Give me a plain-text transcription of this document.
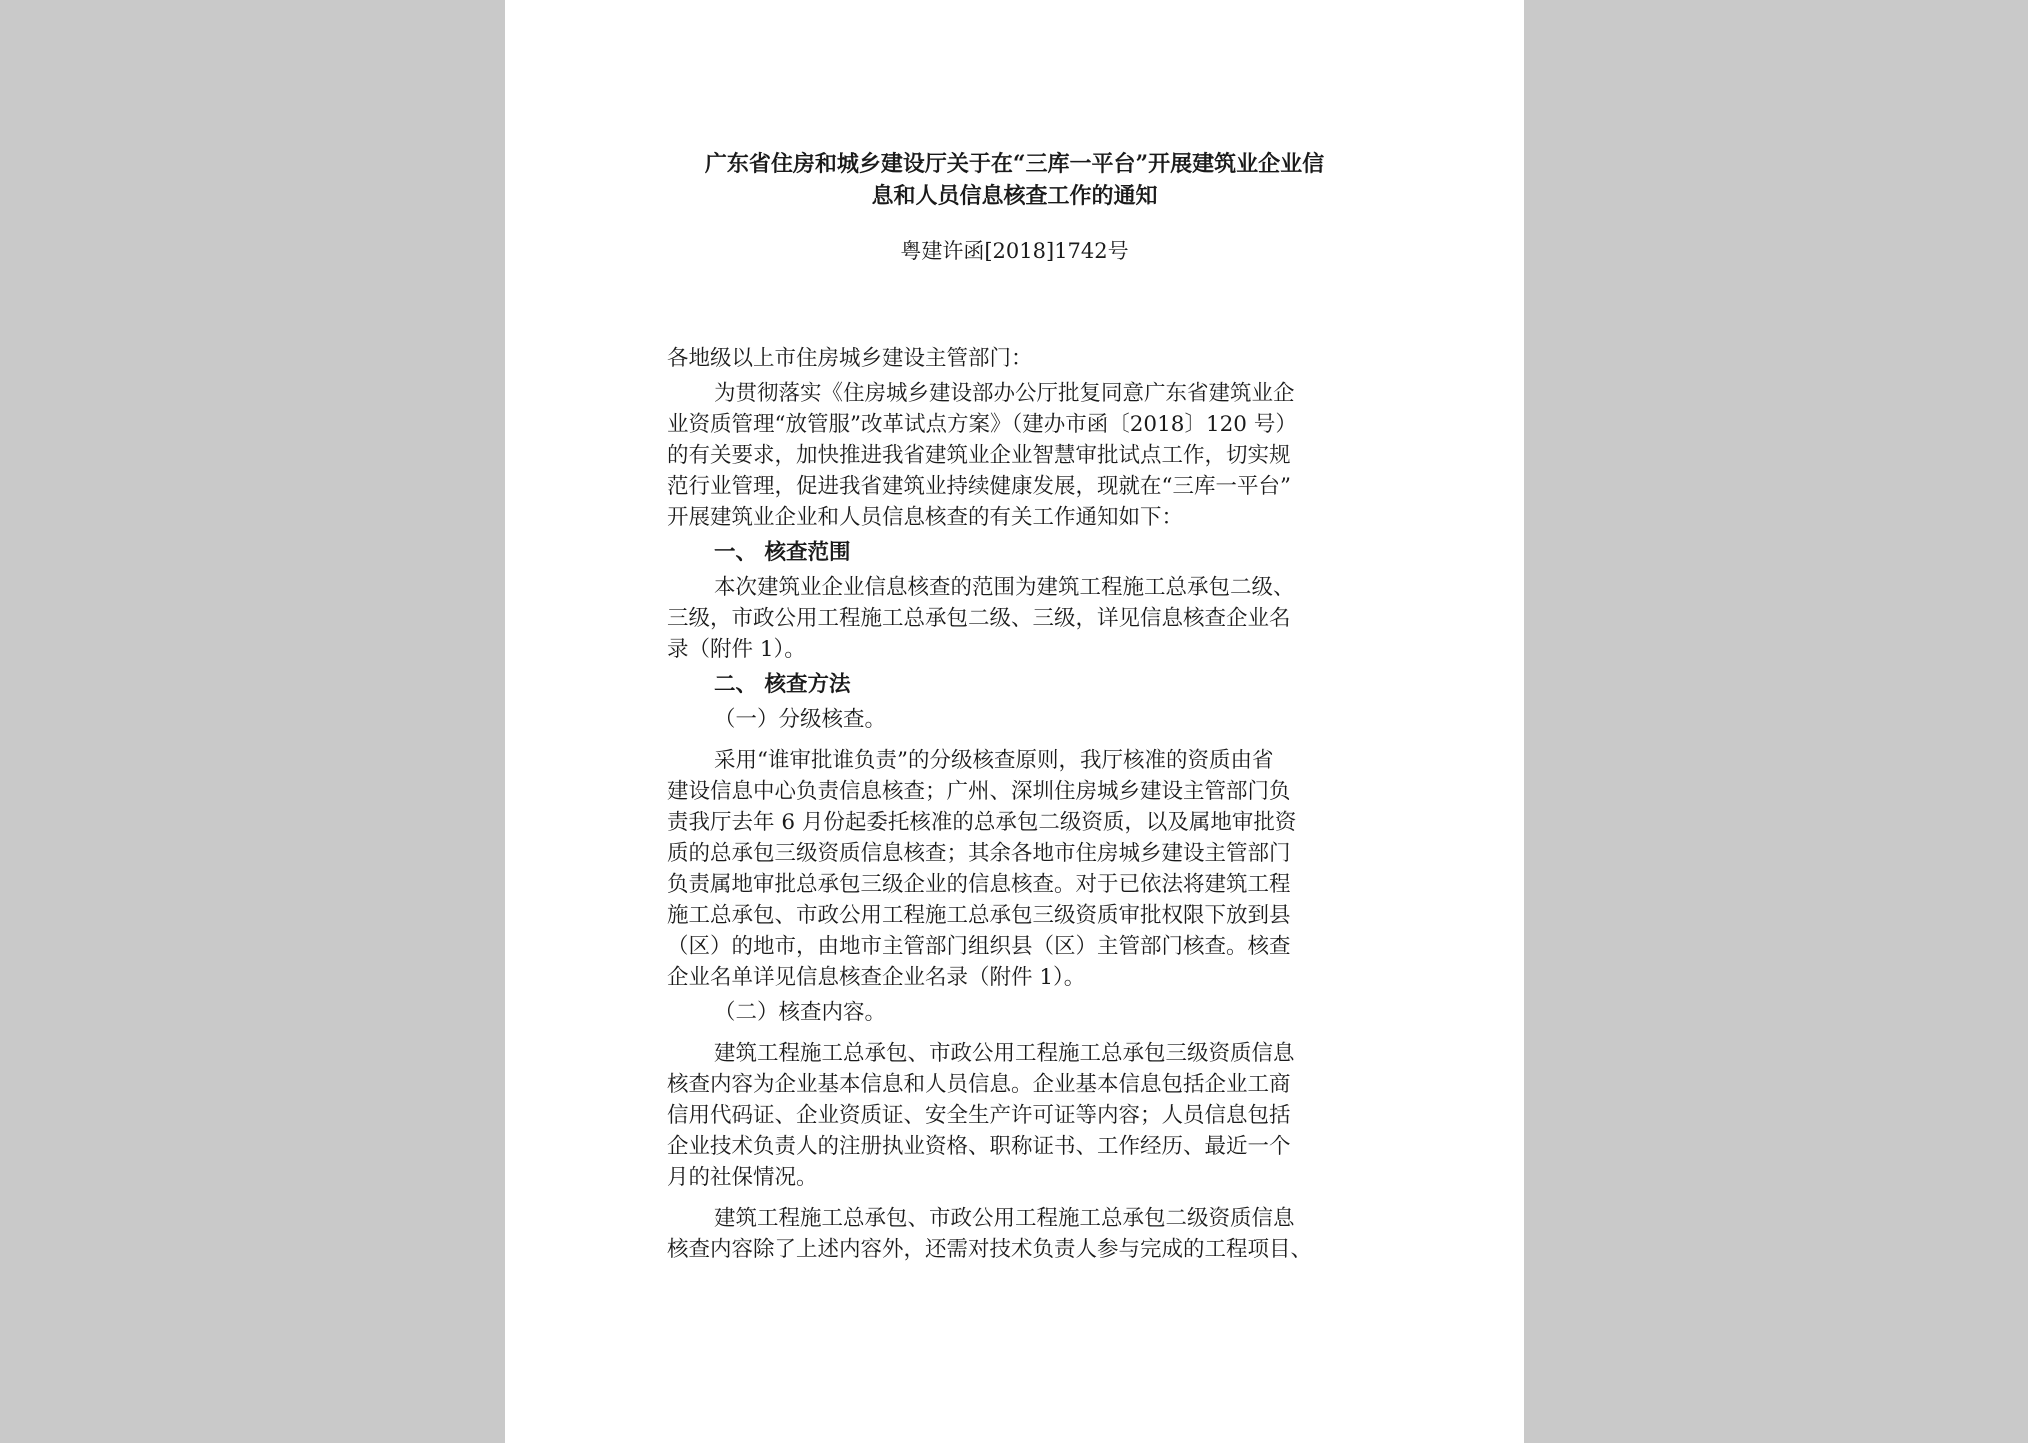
广东省住房和城乡建设厅关于在“三库一平台”开展建筑业企业信
息和人员信息核查工作的通知
粤建许函[2018]1742号
各地级以上市住房城乡建设主管部门：
为贯彻落实《住房城乡建设部办公厅批复同意广东省建筑业企
业资质管理“放管服”改革试点方案》（建办市函〔2018〕120 号）
的有关要求，加快推进我省建筑业企业智慧审批试点工作，切实规
范行业管理，促进我省建筑业持续健康发展，现就在“三库一平台”
开展建筑业企业和人员信息核查的有关工作通知如下：
一、 核查范围
本次建筑业企业信息核查的范围为建筑工程施工总承包二级、
三级，市政公用工程施工总承包二级、三级，详见信息核查企业名
录（附件 1）。
二、 核查方法
（一）分级核查。
采用“谁审批谁负责”的分级核查原则，我厅核准的资质由省
建设信息中心负责信息核查；广州、深圳住房城乡建设主管部门负
责我厅去年 6 月份起委托核准的总承包二级资质，以及属地审批资
质的总承包三级资质信息核查；其余各地市住房城乡建设主管部门
负责属地审批总承包三级企业的信息核查。对于已依法将建筑工程
施工总承包、市政公用工程施工总承包三级资质审批权限下放到县
（区）的地市，由地市主管部门组织县（区）主管部门核查。核查
企业名单详见信息核查企业名录（附件 1）。
（二）核查内容。
建筑工程施工总承包、市政公用工程施工总承包三级资质信息
核查内容为企业基本信息和人员信息。企业基本信息包括企业工商
信用代码证、企业资质证、安全生产许可证等内容；人员信息包括
企业技术负责人的注册执业资格、职称证书、工作经历、最近一个
月的社保情况。
建筑工程施工总承包、市政公用工程施工总承包二级资质信息
核查内容除了上述内容外，还需对技术负责人参与完成的工程项目、
